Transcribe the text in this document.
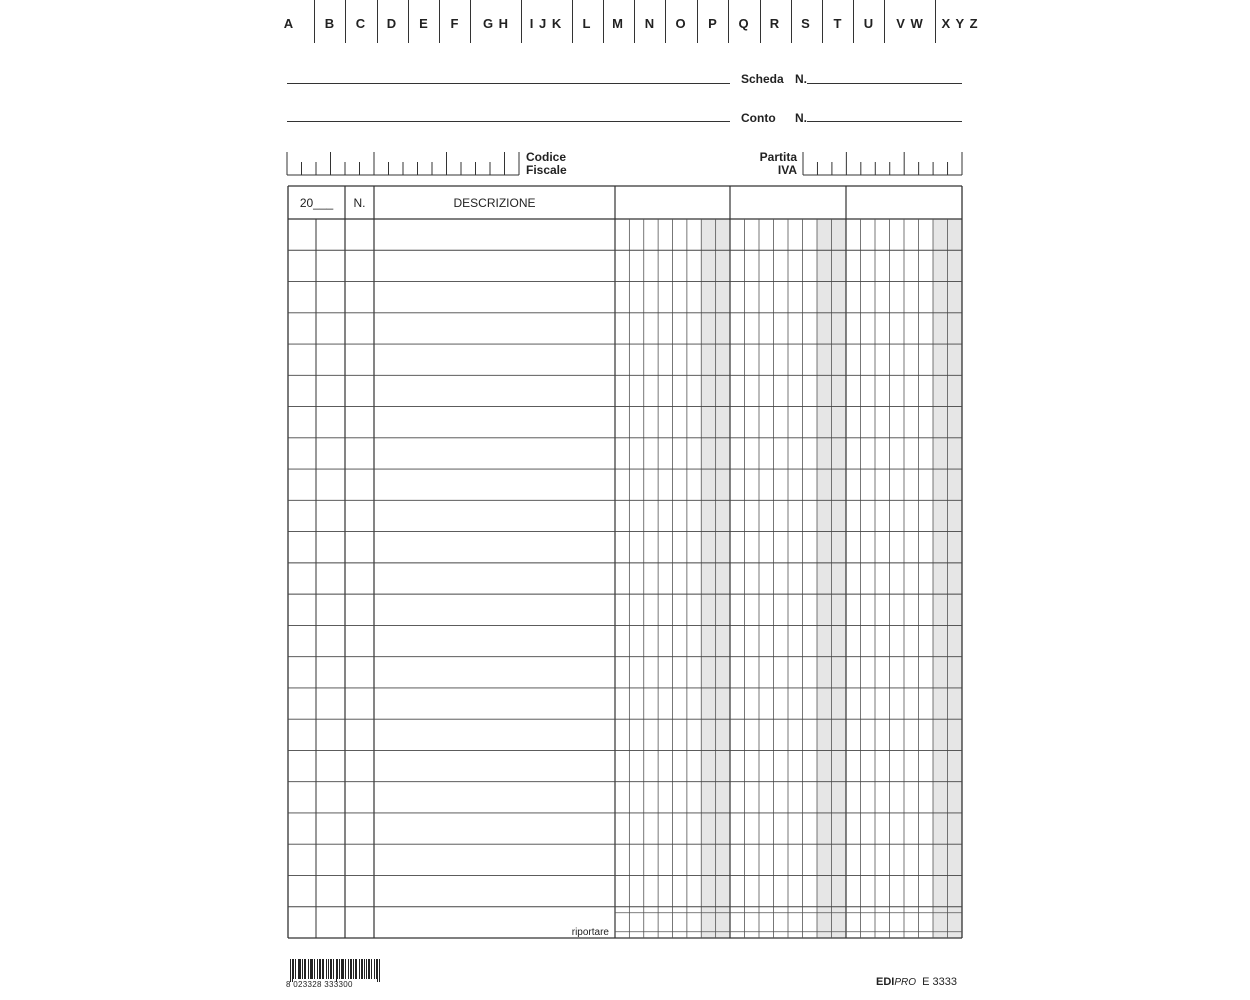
A	B	C	D	E	F	G H	I J K	L	M	N	O	P	Q	R	S	T	U	V W	X Y Z
Scheda N.
Conto N.
Codice
Fiscale
Partita
IVA
20___	N.	DESCRIZIONE
riportare
8 023328 333300	EDIPRO E 3333
